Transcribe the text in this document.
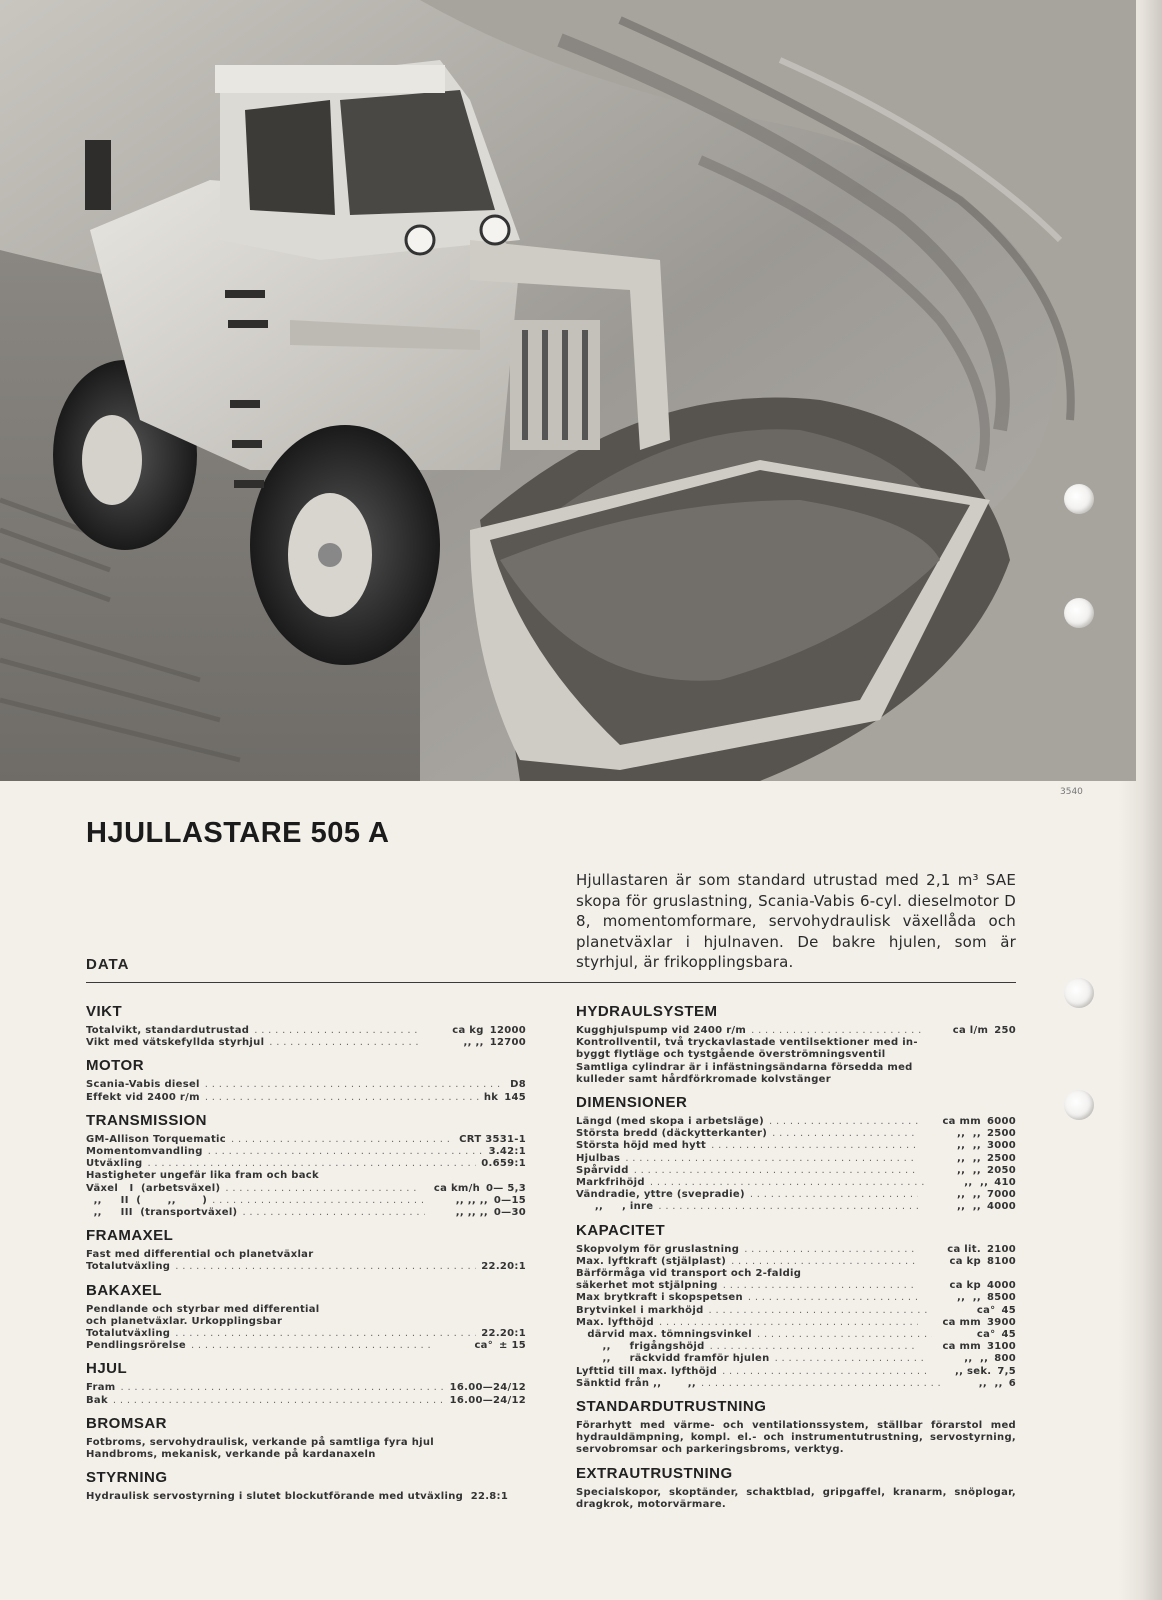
3540
HJULLASTARE 505 A

Hjullastaren är som standard utrustad med 2,1 m³ SAE skopa för gruslastning, Scania-Vabis 6-cyl. dieselmotor D 8, momentomformare, servohydraulisk växellåda och planetväxlar i hjulnaven. De bakre hjulen, som är styrhjul, är frikopplingsbara.

DATA
VIKT
Totalvikt, standardutrustad . . .	ca kg 12000
Vikt med vätskefyllda styrhjul . . .	,, ,, 12700
MOTOR
Scania-Vabis diesel . . .	D8
Effekt vid 2400 r/m . . .	hk 145
TRANSMISSION
GM-Allison Torquematic . . .	CRT 3531-1
Momentomvandling . . .	3.42:1
Utväxling . . .	0.659:1

Hastigheter ungefär lika fram och back

Växel   I  (arbetsväxel) . . .	ca km/h 0— 5,3
,,     II  (       ,,       ) . . .	,, ,, ,, 0—15
,,     III  (transportväxel) . . .	,, ,, ,, 0—30
FRAMAXEL

Fast med differential och planetväxlar

Totalutväxling . . .	22.20:1
BAKAXEL

Pendlande och styrbar med differential

och planetväxlar. Urkopplingsbar

Totalutväxling . . .	22.20:1
Pendlingsrörelse . . .	ca° ± 15
HJUL
Fram . . .	16.00—24/12
Bak . . .	16.00—24/12
BROMSAR

Fotbroms, servohydraulisk, verkande på samtliga fyra hjul

Handbroms, mekanisk, verkande på kardanaxeln

STYRNING

Hydraulisk servostyrning i slutet blockutförande med utväxling  22.8:1

HYDRAULSYSTEM
Kugghjulspump vid 2400 r/m . . .	ca l/m 250

Kontrollventil, två tryckavlastade ventilsektioner med in-

byggt flytläge och tystgående överströmningsventil

Samtliga cylindrar är i infästningsändarna försedda med

kulleder samt hårdförkromade kolvstänger

DIMENSIONER
Längd (med skopa i arbetsläge) . . .	ca mm 6000
Största bredd (däckytterkanter) . . .	,,  ,, 2500
Största höjd med hytt . . .	,,  ,, 3000
Hjulbas . . .	,,  ,, 2500
Spårvidd . . .	,,  ,, 2050
Markfrihöjd . . .	,,  ,, 410
Vändradie, yttre (svepradie) . . .	,,  ,, 7000
,,     , inre . . .	,,  ,, 4000
KAPACITET
Skopvolym för gruslastning . . .	ca lit. 2100
Max. lyftkraft (stjälplast) . . .	ca kp 8100

Bärförmåga vid transport och 2-faldig

säkerhet mot stjälpning . . .	ca kp 4000
Max brytkraft i skopspetsen . . .	,,  ,, 8500
Brytvinkel i markhöjd . . .	ca° 45
Max. lyfthöjd . . .	ca mm 3900
därvid max. tömningsvinkel . . .	ca° 45
,,     frigångshöjd . . .	ca mm 3100
,,     räckvidd framför hjulen . . .	,,  ,, 800
Lyfttid till max. lyfthöjd . . .	,, sek. 7,5
Sänktid från ,,       ,, . . .	,,  ,, 6
STANDARDUTRUSTNING

Förarhytt med värme- och ventilationssystem, ställbar förarstol med hydrauldämpning, kompl. el.- och instrumentutrustning, servostyrning, servobromsar och parkeringsbroms, verktyg.

EXTRAUTRUSTNING

Specialskopor, skoptänder, schaktblad, gripgaffel, kranarm, snöplogar, dragkrok, motorvärmare.
